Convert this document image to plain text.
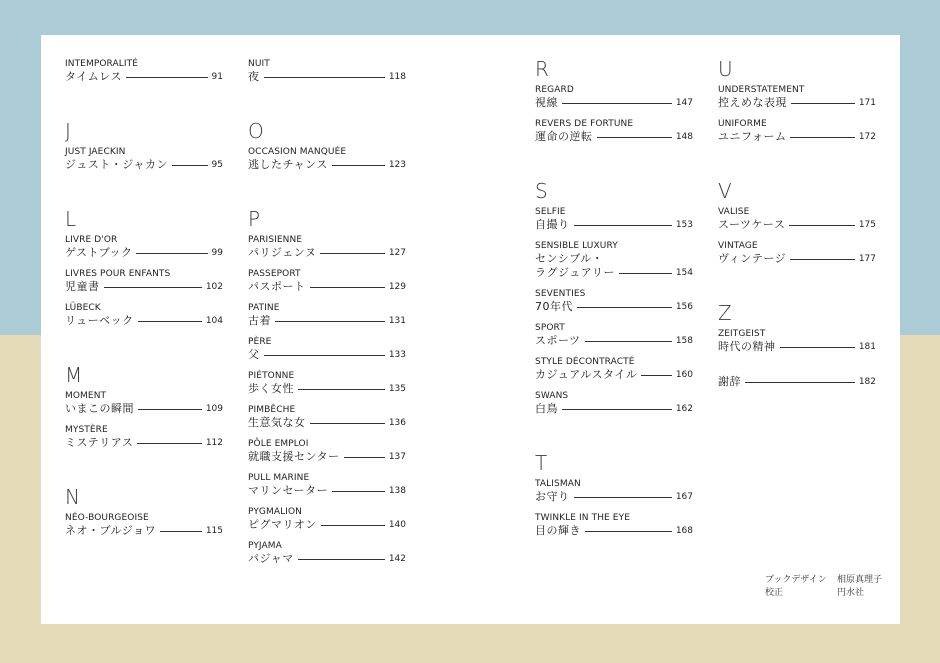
INTEMPORALITÉ
タイムレス	91
J
JUST JAECKIN
ジュスト・ジャカン	95
L
LIVRE D'OR
ゲストブック	99
LIVRES POUR ENFANTS
児童書	102
LÜBECK
リューベック	104
M
MOMENT
いまこの瞬間	109
MYSTÈRE
ミステリアス	112
N
NÉO-BOURGEOISE
ネオ・ブルジョワ	115
NUIT
夜	118
O
OCCASION MANQUÉE
逃したチャンス	123
P
PARISIENNE
パリジェンヌ	127
PASSEPORT
パスポート	129
PATINE
古着	131
PÈRE
父	133
PIÉTONNE
歩く女性	135
PIMBÊCHE
生意気な女	136
PÔLE EMPLOI
就職支援センター	137
PULL MARINE
マリンセーター	138
PYGMALION
ピグマリオン	140
PYJAMA
パジャマ	142
R
REGARD
視線	147
REVERS DE FORTUNE
運命の逆転	148
S
SELFIE
自撮り	153
SENSIBLE LUXURY
センシブル・
ラグジュアリー	154
SEVENTIES
70年代	156
SPORT
スポーツ	158
STYLE DÉCONTRACTÉ
カジュアルスタイル	160
SWANS
白鳥	162
T
TALISMAN
お守り	167
TWINKLE IN THE EYE
目の輝き	168
U
UNDERSTATEMENT
控えめな表現	171
UNIFORME
ユニフォーム	172
V
VALISE
スーツケース	175
VINTAGE
ヴィンテージ	177
Z
ZEITGEIST
時代の精神	181
謝辞	182
ブックデザイン	相原真理子
校正	円水社
